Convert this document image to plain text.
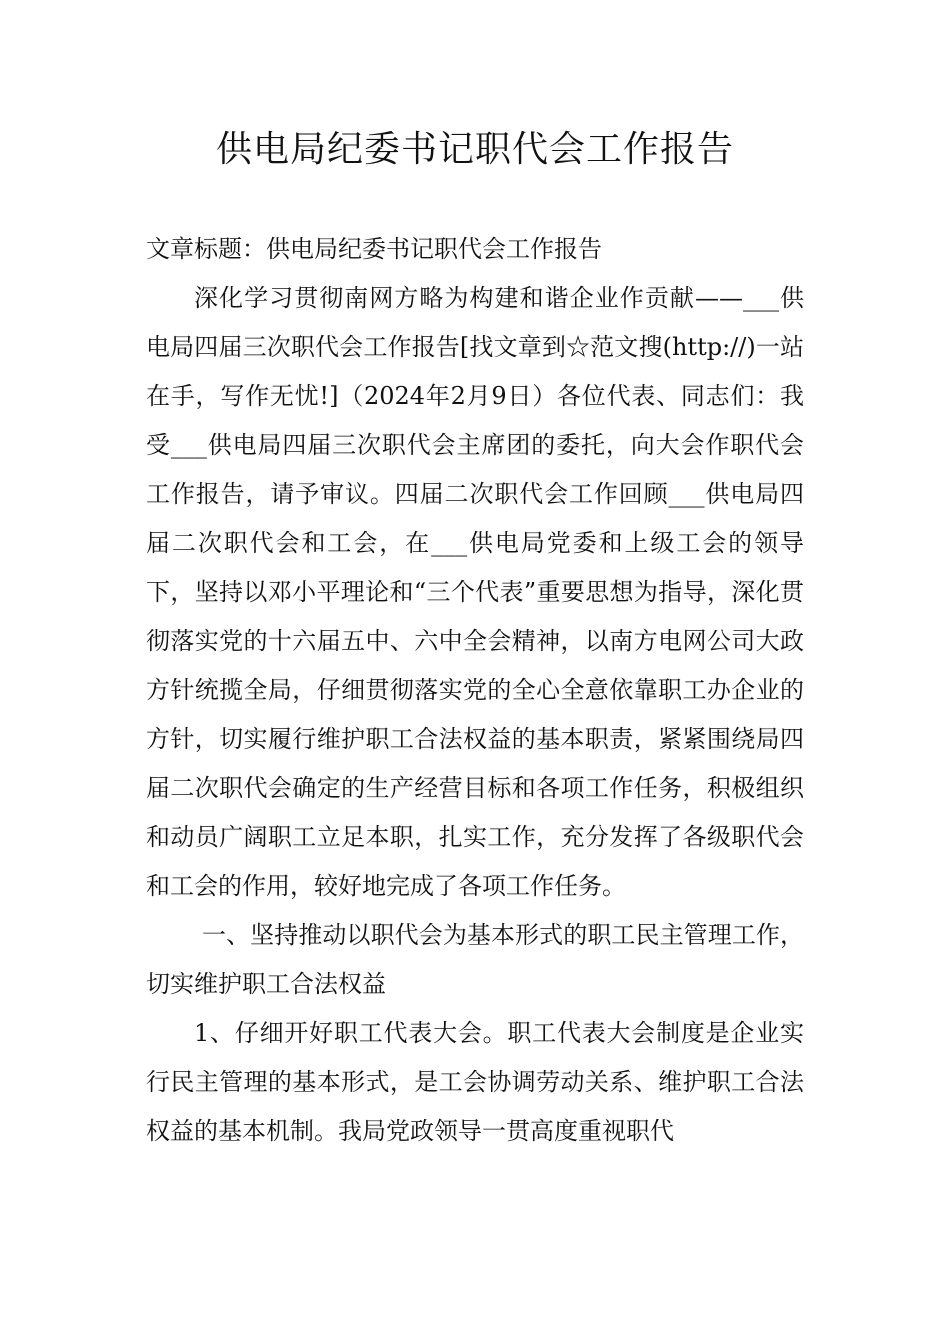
供电局纪委书记职代会工作报告

文章标题：供电局纪委书记职代会工作报告

深化学习贯彻南网方略为构建和谐企业作贡献——___供电局四届三次职代会工作报告[找文章到☆范文搜(http://)一站在手，写作无忧!]（2024年2月9日）各位代表、同志们：我受___供电局四届三次职代会主席团的委托，向大会作职代会工作报告，请予审议。四届二次职代会工作回顾___供电局四届二次职代会和工会，在___供电局党委和上级工会的领导下，坚持以邓小平理论和“三个代表”重要思想为指导，深化贯彻落实党的十六届五中、六中全会精神，以南方电网公司大政方针统揽全局，仔细贯彻落实党的全心全意依靠职工办企业的方针，切实履行维护职工合法权益的基本职责，紧紧围绕局四届二次职代会确定的生产经营目标和各项工作任务，积极组织和动员广阔职工立足本职，扎实工作，充分发挥了各级职代会和工会的作用，较好地完成了各项工作任务。

一、坚持推动以职代会为基本形式的职工民主管理工作，切实维护职工合法权益

1、仔细开好职工代表大会。职工代表大会制度是企业实行民主管理的基本形式，是工会协调劳动关系、维护职工合法权益的基本机制。我局党政领导一贯高度重视职代
